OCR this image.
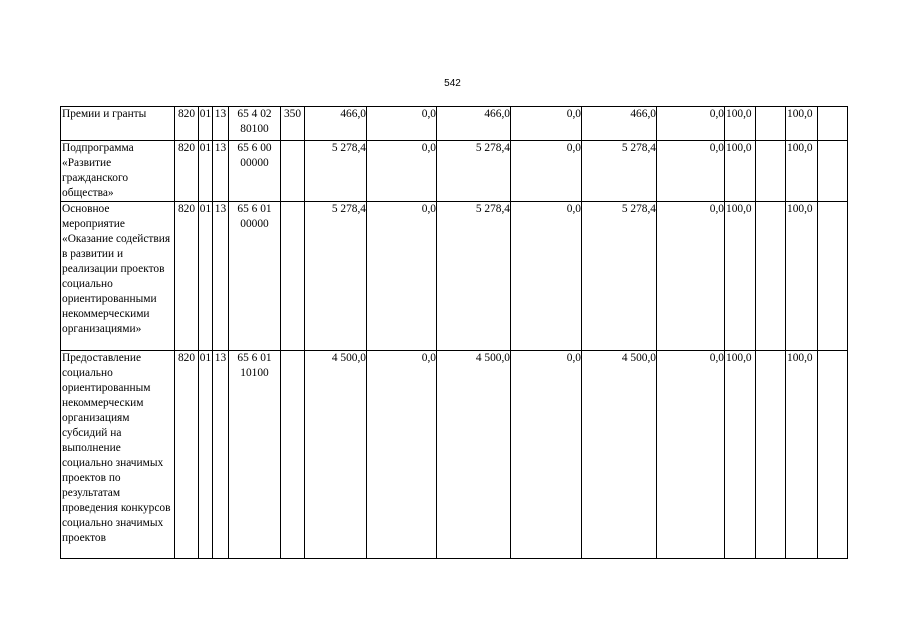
542
Премии и гранты	820	01	13	65 4 02 80100	350	466,0	0,0	466,0	0,0	466,0	0,0	100,0		100,0	
Подпрограмма «Развитие гражданского общества»	820	01	13	65 6 00 00000		5 278,4	0,0	5 278,4	0,0	5 278,4	0,0	100,0		100,0	
Основное мероприятие «Оказание содействия в развитии и реализации проектов социально ориентированными некоммерческими организациями»	820	01	13	65 6 01 00000		5 278,4	0,0	5 278,4	0,0	5 278,4	0,0	100,0		100,0	
Предоставление социально ориентированным некоммерческим организациям субсидий на выполнение социально значимых проектов по результатам проведения конкурсов социально значимых проектов	820	01	13	65 6 01 10100		4 500,0	0,0	4 500,0	0,0	4 500,0	0,0	100,0		100,0	
